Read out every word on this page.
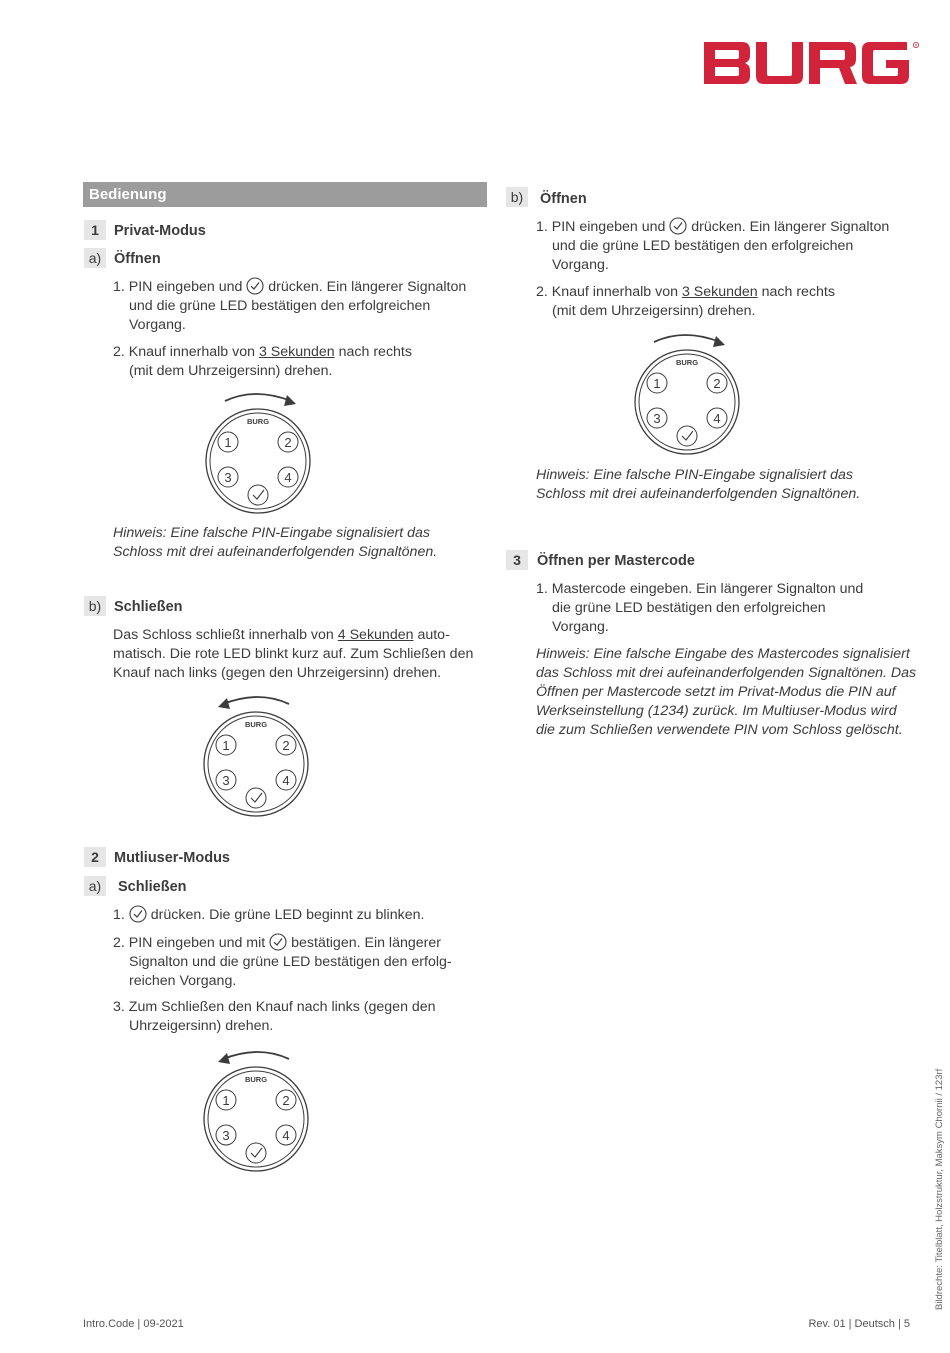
R
Bedienung
1	Privat-Modus
a) Öffnen
1. PIN eingeben und drücken. Ein längerer Signalton
und die grüne LED bestätigen den erfolgreichen
Vorgang.
2. Knauf innerhalb von 3 Sekunden nach rechts
(mit dem Uhrzeigersinn) drehen.
BURG
1	2
3	4
Hinweis: Eine falsche PIN-Eingabe signalisiert das
Schloss mit drei aufeinanderfolgenden Signaltönen.
b) Schließen
Das Schloss schließt innerhalb von 4 Sekunden auto-
matisch. Die rote LED blinkt kurz auf. Zum Schließen den
Knauf nach links (gegen den Uhrzeigersinn) drehen.
BURG
1	2
3	4
2	Mutliuser-Modus
a)	Schließen
1. drücken. Die grüne LED beginnt zu blinken.
2. PIN eingeben und mit bestätigen. Ein längerer
Signalton und die grüne LED bestätigen den erfolg-
reichen Vorgang.
3. Zum Schließen den Knauf nach links (gegen den
Uhrzeigersinn) drehen.
BURG
1	2
3	4
b)	Öffnen
1. PIN eingeben und drücken. Ein längerer Signalton
und die grüne LED bestätigen den erfolgreichen
Vorgang.
2. Knauf innerhalb von 3 Sekunden nach rechts
(mit dem Uhrzeigersinn) drehen.
BURG
1	2
3	4
Hinweis: Eine falsche PIN-Eingabe signalisiert das
Schloss mit drei aufeinanderfolgenden Signaltönen.
3	Öffnen per Mastercode
1. Mastercode eingeben. Ein längerer Signalton und
die grüne LED bestätigen den erfolgreichen
Vorgang.
Hinweis: Eine falsche Eingabe des Mastercodes signalisiert
das Schloss mit drei aufeinanderfolgenden Signaltönen. Das
Öffnen per Mastercode setzt im Privat-Modus die PIN auf
Werkseinstellung (1234) zurück. Im Multiuser-Modus wird
die zum Schließen verwendete PIN vom Schloss gelöscht.
Bildrechte: Titelblatt, Holzstruktur, Maksym Chornii / 123rf
Intro.Code | 09-2021	Rev. 01 | Deutsch | 5
